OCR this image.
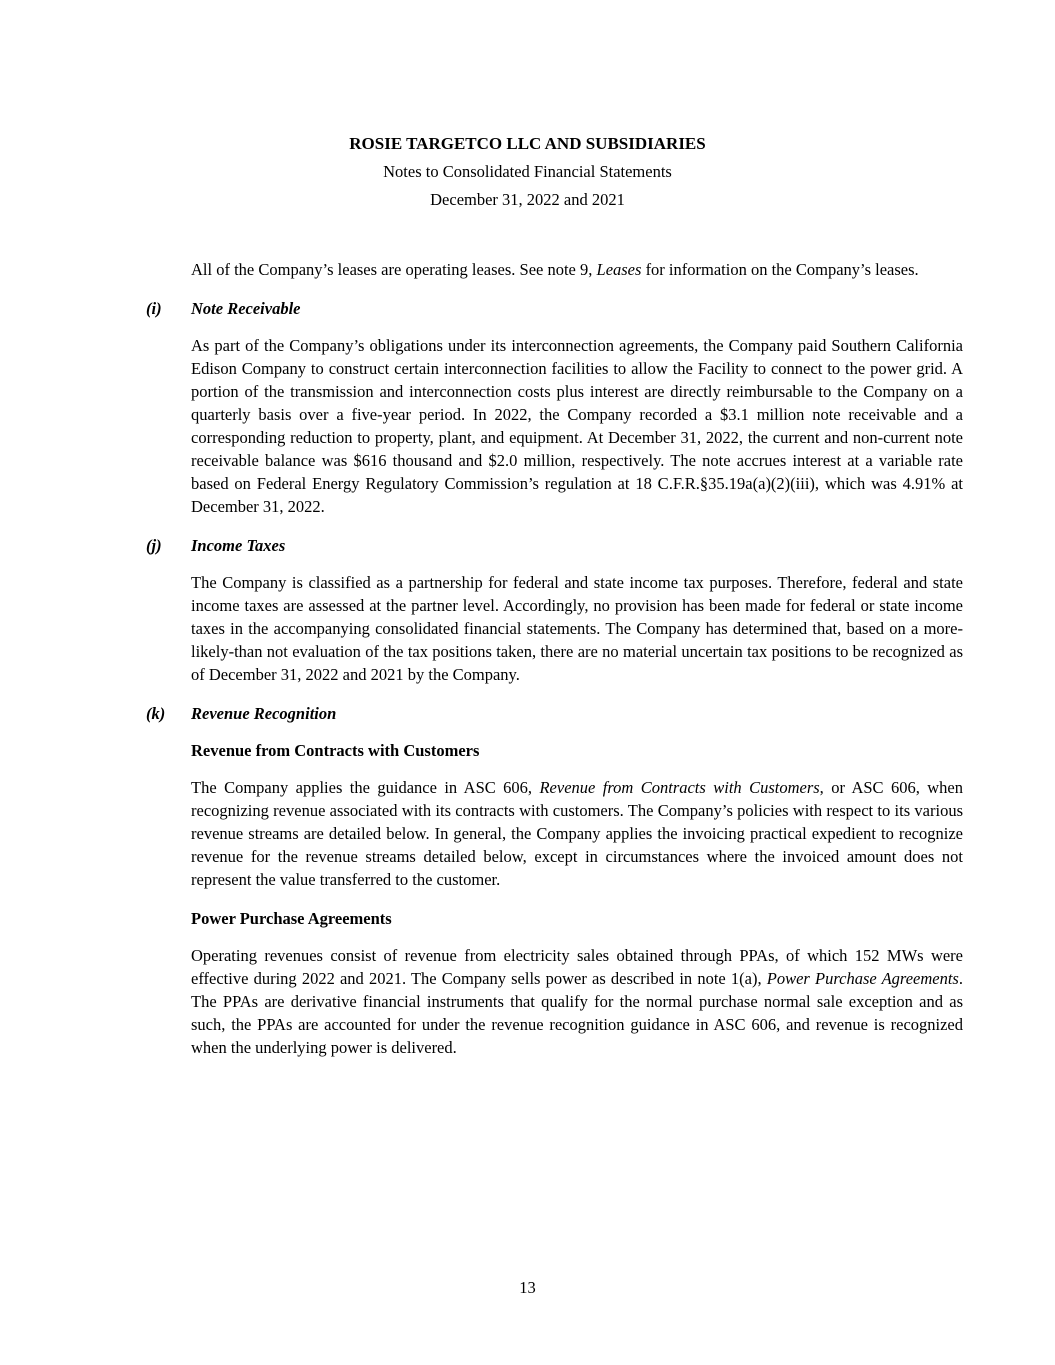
ROSIE TARGETCO LLC AND SUBSIDIARIES

Notes to Consolidated Financial Statements

December 31, 2022 and 2021

All of the Company’s leases are operating leases. See note 9, Leases for information on the Company’s leases.

(i)	Note Receivable

As part of the Company’s obligations under its interconnection agreements, the Company paid Southern California Edison Company to construct certain interconnection facilities to allow the Facility to connect to the power grid. A portion of the transmission and interconnection costs plus interest are directly reimbursable to the Company on a quarterly basis over a five-year period. In 2022, the Company recorded a $3.1 million note receivable and a corresponding reduction to property, plant, and equipment. At December 31, 2022, the current and non-current note receivable balance was $616 thousand and $2.0 million, respectively. The note accrues interest at a variable rate based on Federal Energy Regulatory Commission’s regulation at 18 C.F.R.§35.19a(a)(2)(iii), which was 4.91% at December 31, 2022.

(j)	Income Taxes

The Company is classified as a partnership for federal and state income tax purposes. Therefore, federal and state income taxes are assessed at the partner level. Accordingly, no provision has been made for federal or state income taxes in the accompanying consolidated financial statements. The Company has determined that, based on a more-likely-than not evaluation of the tax positions taken, there are no material uncertain tax positions to be recognized as of December 31, 2022 and 2021 by the Company.

(k)	Revenue Recognition

Revenue from Contracts with Customers

The Company applies the guidance in ASC 606, Revenue from Contracts with Customers, or ASC 606, when recognizing revenue associated with its contracts with customers. The Company’s policies with respect to its various revenue streams are detailed below. In general, the Company applies the invoicing practical expedient to recognize revenue for the revenue streams detailed below, except in circumstances where the invoiced amount does not represent the value transferred to the customer.

Power Purchase Agreements

Operating revenues consist of revenue from electricity sales obtained through PPAs, of which 152 MWs were effective during 2022 and 2021. The Company sells power as described in note 1(a), Power Purchase Agreements. The PPAs are derivative financial instruments that qualify for the normal purchase normal sale exception and as such, the PPAs are accounted for under the revenue recognition guidance in ASC 606, and revenue is recognized when the underlying power is delivered.

13
